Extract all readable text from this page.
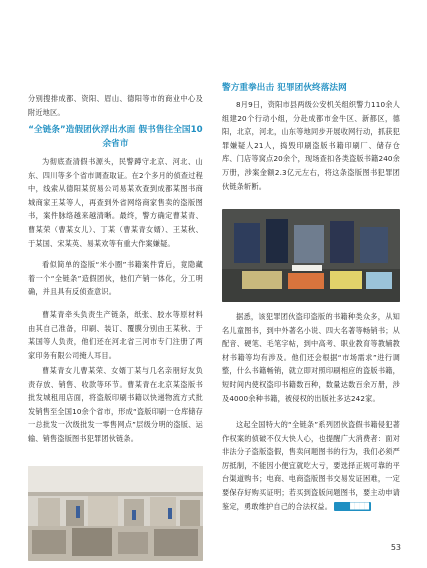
分别搜排成都、资阳、眉山、德阳等市的商业中心及附近地区。

“全链条”造假团伙浮出水面 假书售往全国10余省市

为彻底查清假书源头，民警蹲守北京、河北、山东、四川等多个省市调查取证。在2个多月的侦查过程中，线索从德阳某贸易公司易某欢查到成都某图书商城商家王某等人，再查到外省网络商家售卖的盗版图书，案件脉络越来越清晰。最终，警方确定曹某青、曹某荣（曹某女儿）、丁某（曹某青女婿）、王某秋、于某国、宋某英、易某欢等有重大作案嫌疑。

看似简单的盗版“米小圈”书籍案件背后，竟隐藏着一个“全链条”造假团伙，他们产销一体化，分工明确，并且具有反侦查意识。

曹某青牵头负责生产链条，纸张、胶水等原材料由其自己准备，印刷、装订、覆膜分别由王某秋、于某国等人负责，他们还在河北省三河市专门注册了两家印务有限公司掩人耳目。

曹某青女儿曹某荣、女婿丁某与几名亲朋好友负责存放、销售、收款等环节。曹某青在北京某盗版书批发城租用店面，将盗版印刷书籍以快递物流方式批发销售至全国10余个省市，形成“盗版印刷一仓库储存一总批发一次级批发一零售网点”层级分明的盗版、运输、销售盗版图书犯罪团伙链条。

警方重拳出击 犯罪团伙终落法网

8月9日，资阳市县两级公安机关组织警力110余人组建20个行动小组，分赴成都市金牛区、新都区，德阳，北京，河北，山东等地同步开展收网行动，抓获犯罪嫌疑人21人，捣毁印刷盗版书籍印刷厂、储存仓库、门店等窝点20余个，现场查扣各类盗版书籍240余万册，涉案金额2.3亿元左右，将这条盗版图书犯罪团伙链条斩断。

据悉，该犯罪团伙盗印盗版的书籍种类众多，从知名儿童图书，到中外著名小说、四大名著等畅销书；从配音、硬笔、毛笔字帖，到中高考、职业教育等教辅教材书籍等均有涉及。他们还会根据“市场需求”进行调整，什么书籍畅销，就立即对照印刷相应的盗版书籍，短时间内使权盗印书籍数百种，数量达数百余万册，涉及4000余种书籍，被侵权的出版社多达242家。

这起全国特大的“全链条”系列团伙盗假书籍侵犯著作权案的侦破不仅大快人心，也提醒广大消费者：面对非法分子盗版盗假，售卖问题图书的行为，我们必须严厉抵制，不能因小便宜就吃大亏，要选择正规可靠的平台渠道购书；电商、电商盗版图书交易发证困难，一定要保存好购买证明；若买到盗版问题图书，要主动申请鉴定，勇敢维护自己的合法权益。	████

53
